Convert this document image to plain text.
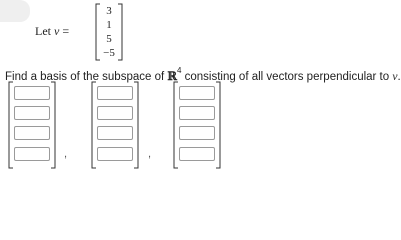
Let v =
3
1
5
−5
Find a basis of the subspace of ℝ$^4$ consisting of all vectors perpendicular to v.
,	,
